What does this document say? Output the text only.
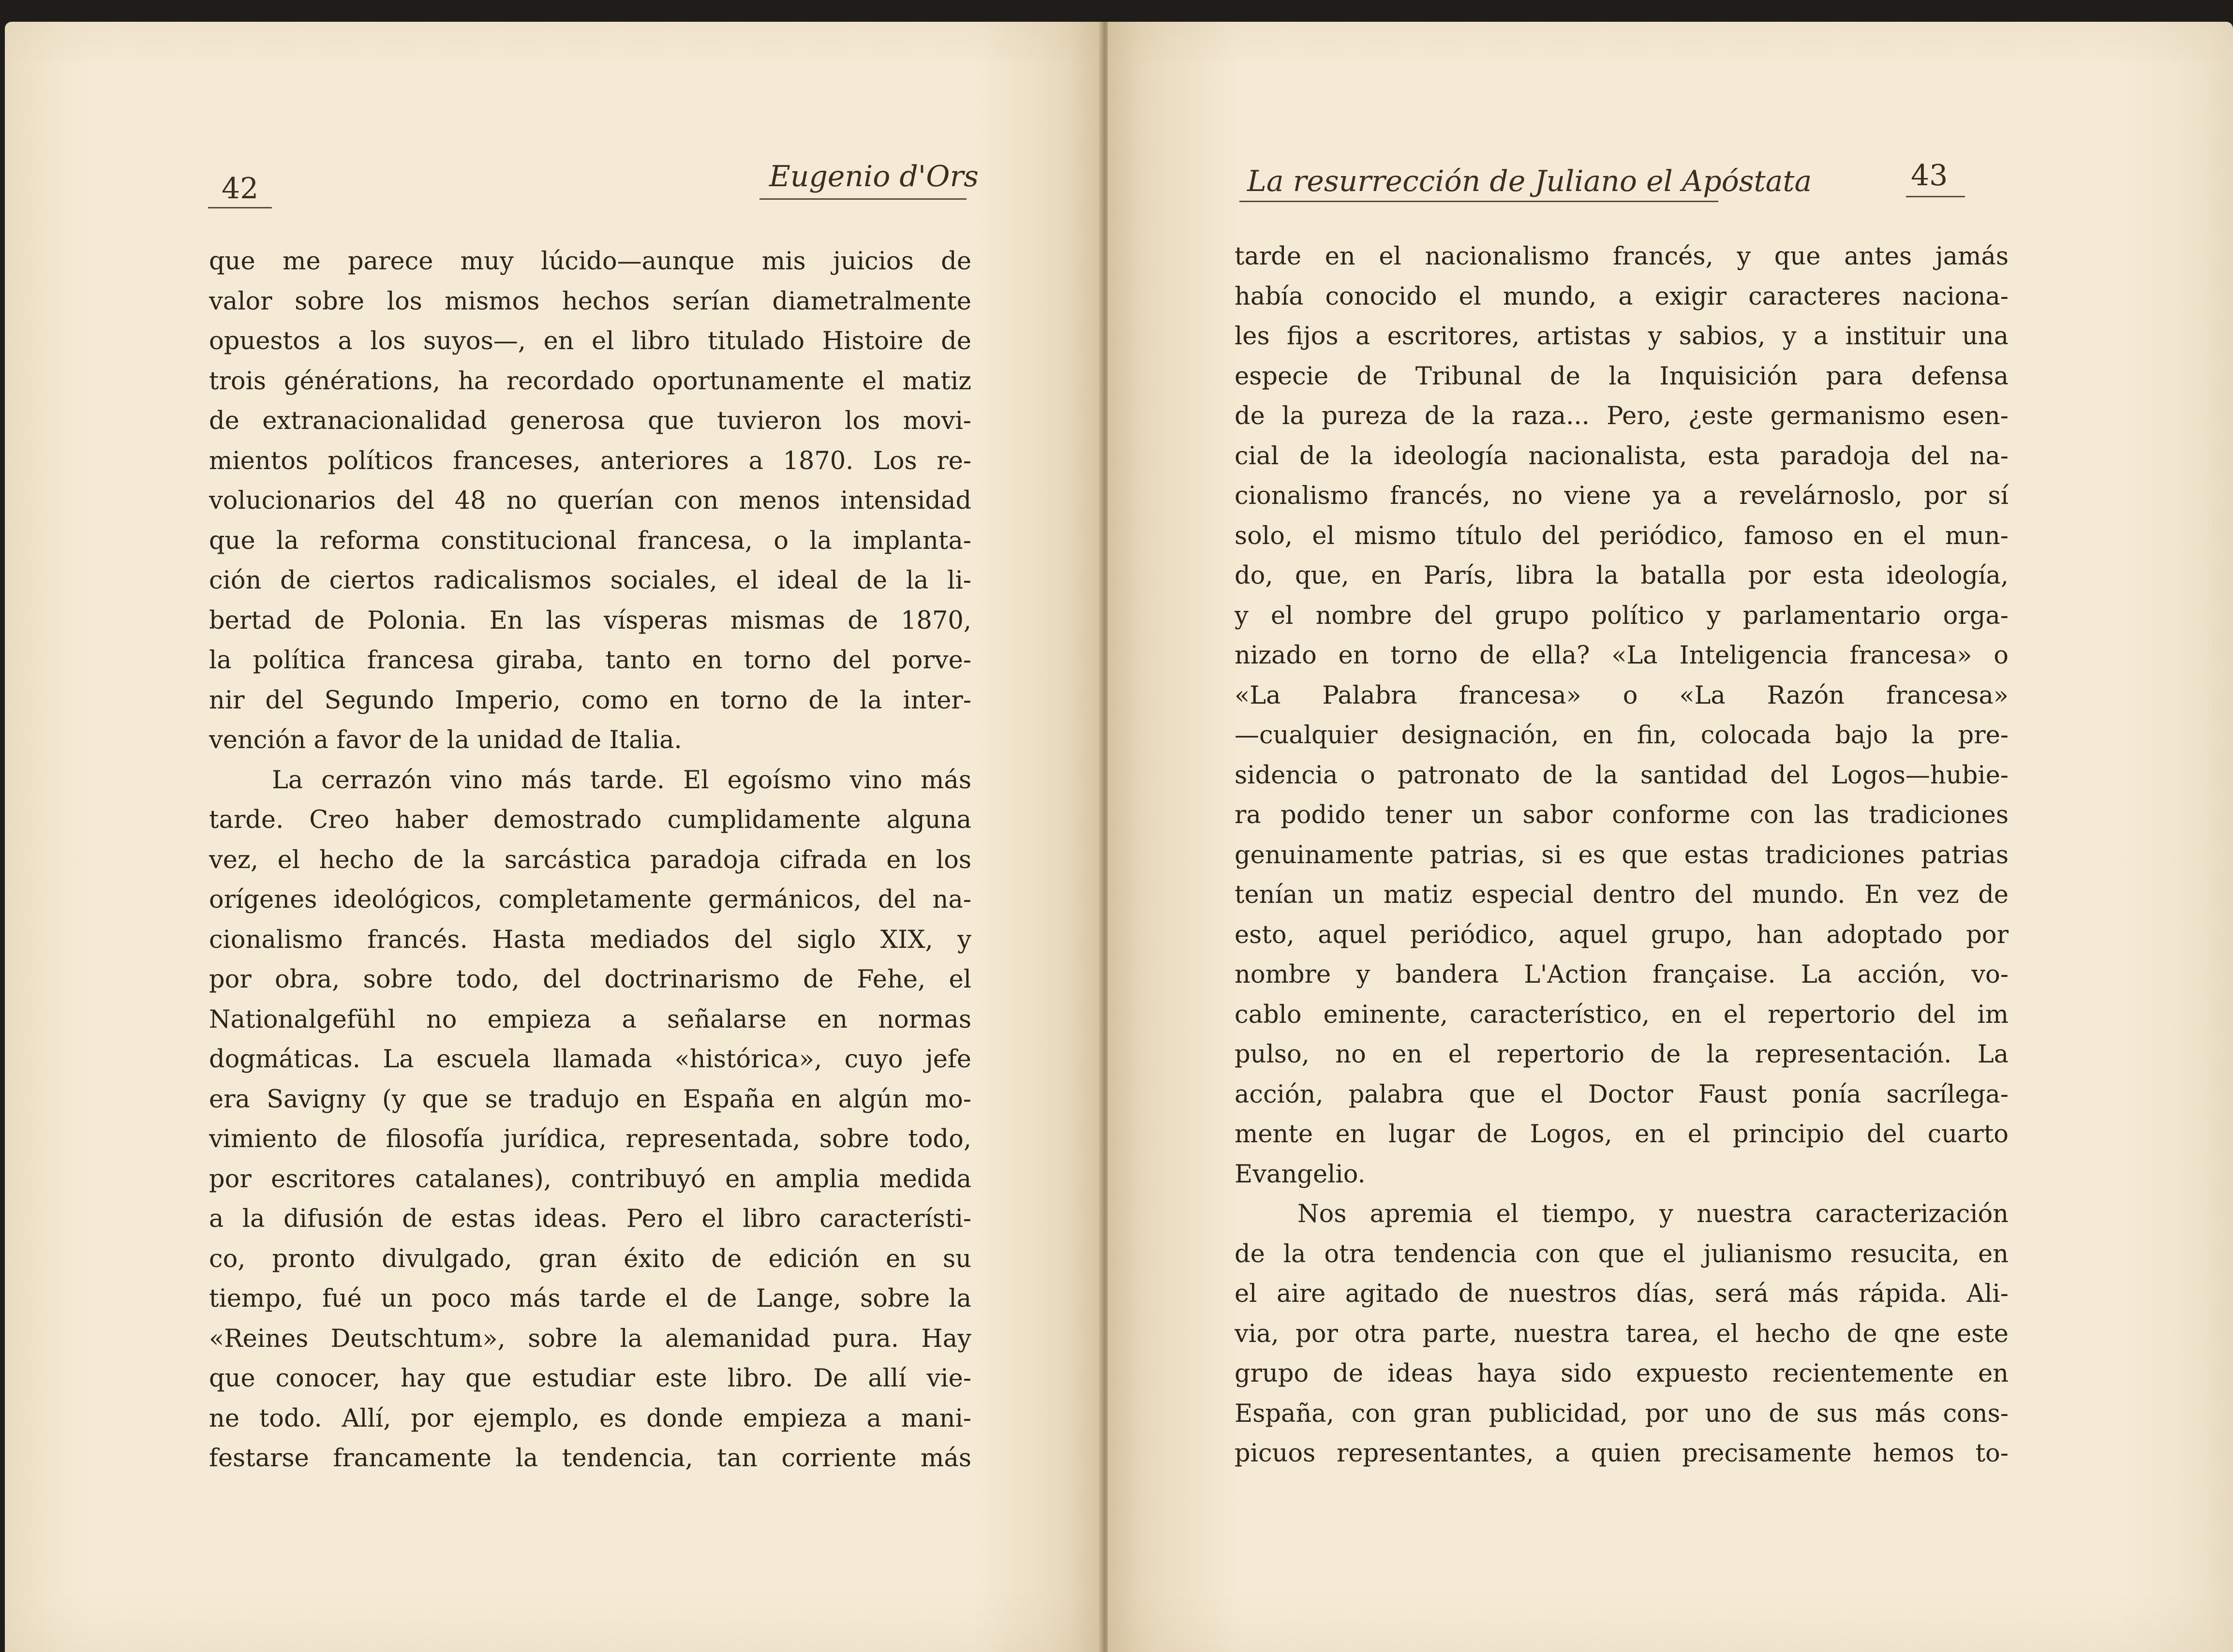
42	Eugenio d'Ors	La resurrección de Juliano el Apóstata	43
que me parece muy lúcido—aunque mis juicios de
valor sobre los mismos hechos serían diametralmente
opuestos a los suyos—, en el libro titulado Histoire de
trois générations, ha recordado oportunamente el matiz
de extranacionalidad generosa que tuvieron los movi-
mientos políticos franceses, anteriores a 1870. Los re-
volucionarios del 48 no querían con menos intensidad
que la reforma constitucional francesa, o la implanta-
ción de ciertos radicalismos sociales, el ideal de la li-
bertad de Polonia. En las vísperas mismas de 1870,
la política francesa giraba, tanto en torno del porve-
nir del Segundo Imperio, como en torno de la inter-
vención a favor de la unidad de Italia.
La cerrazón vino más tarde. El egoísmo vino más
tarde. Creo haber demostrado cumplidamente alguna
vez, el hecho de la sarcástica paradoja cifrada en los
orígenes ideológicos, completamente germánicos, del na-
cionalismo francés. Hasta mediados del siglo XIX, y
por obra, sobre todo, del doctrinarismo de Fehe, el
Nationalgefühl no empieza a señalarse en normas
dogmáticas. La escuela llamada «histórica», cuyo jefe
era Savigny (y que se tradujo en España en algún mo-
vimiento de filosofía jurídica, representada, sobre todo,
por escritores catalanes), contribuyó en amplia medida
a la difusión de estas ideas. Pero el libro característi-
co, pronto divulgado, gran éxito de edición en su
tiempo, fué un poco más tarde el de Lange, sobre la
«Reines Deutschtum», sobre la alemanidad pura. Hay
que conocer, hay que estudiar este libro. De allí vie-
ne todo. Allí, por ejemplo, es donde empieza a mani-
festarse francamente la tendencia, tan corriente más
tarde en el nacionalismo francés, y que antes jamás
había conocido el mundo, a exigir caracteres naciona-
les fijos a escritores, artistas y sabios, y a instituir una
especie de Tribunal de la Inquisición para defensa
de la pureza de la raza... Pero, ¿este germanismo esen-
cial de la ideología nacionalista, esta paradoja del na-
cionalismo francés, no viene ya a revelárnoslo, por sí
solo, el mismo título del periódico, famoso en el mun-
do, que, en París, libra la batalla por esta ideología,
y el nombre del grupo político y parlamentario orga-
nizado en torno de ella? «La Inteligencia francesa» o
«La Palabra francesa» o «La Razón francesa»
—cualquier designación, en fin, colocada bajo la pre-
sidencia o patronato de la santidad del Logos—hubie-
ra podido tener un sabor conforme con las tradiciones
genuinamente patrias, si es que estas tradiciones patrias
tenían un matiz especial dentro del mundo. En vez de
esto, aquel periódico, aquel grupo, han adoptado por
nombre y bandera L'Action française. La acción, vo-
cablo eminente, característico, en el repertorio del im
pulso, no en el repertorio de la representación. La
acción, palabra que el Doctor Faust ponía sacrílega-
mente en lugar de Logos, en el principio del cuarto
Evangelio.
Nos apremia el tiempo, y nuestra caracterización
de la otra tendencia con que el julianismo resucita, en
el aire agitado de nuestros días, será más rápida. Ali-
via, por otra parte, nuestra tarea, el hecho de qne este
grupo de ideas haya sido expuesto recientemente en
España, con gran publicidad, por uno de sus más cons-
picuos representantes, a quien precisamente hemos to-
